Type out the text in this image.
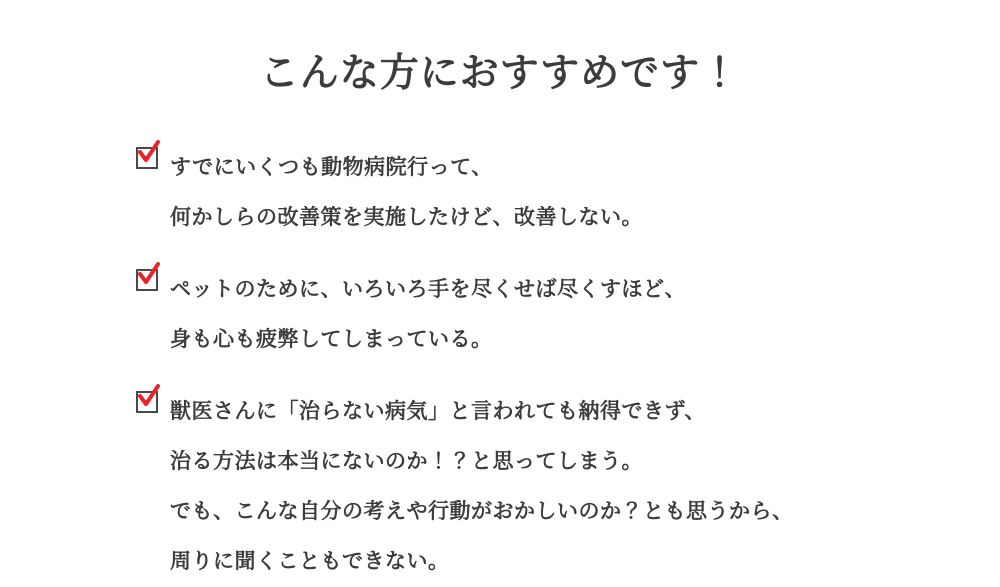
こんな方におすすめです！
すでにいくつも動物病院行って、
何かしらの改善策を実施したけど、改善しない。
ペットのために、いろいろ手を尽くせば尽くすほど、
身も心も疲弊してしまっている。
獣医さんに「治らない病気」と言われても納得できず、
治る方法は本当にないのか！？と思ってしまう。
でも、こんな自分の考えや行動がおかしいのか？とも思うから、
周りに聞くこともできない。
